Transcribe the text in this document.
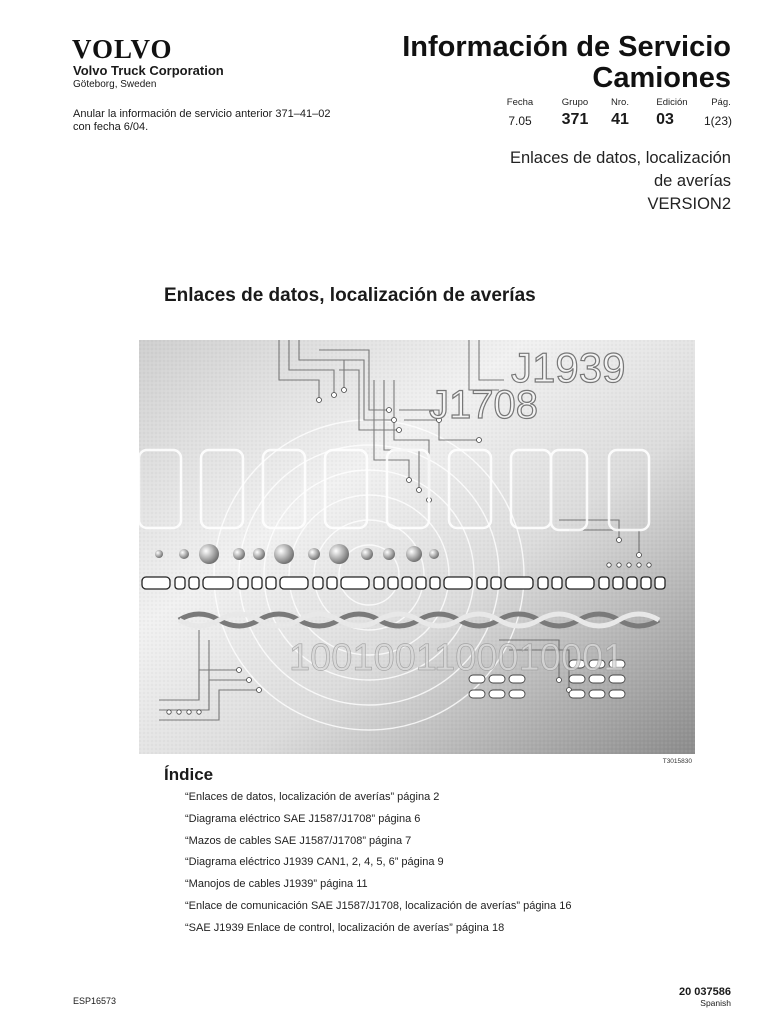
VOLVO
Volvo Truck Corporation
Göteborg, Sweden
Anular la información de servicio anterior 371–41–02
con fecha 6/04.
Información de Servicio
Camiones
Fecha	Grupo	Nro.	Edición	Pág.
7.05	371	41	03	1(23)
Enlaces de datos, localización
de averías
VERSION2
Enlaces de datos, localización de averías
J1939
J1708
1001001100010001
T3015830
Índice
“Enlaces de datos, localización de averías” página 2
“Diagrama eléctrico SAE J1587/J1708” página 6
“Mazos de cables SAE J1587/J1708” página 7
“Diagrama eléctrico J1939 CAN1, 2, 4, 5, 6” página 9
“Manojos de cables J1939” página 11
“Enlace de comunicación SAE J1587/J1708, localización de averías” página 16
“SAE J1939 Enlace de control, localización de averías” página 18
ESP16573
20 037586
Spanish
